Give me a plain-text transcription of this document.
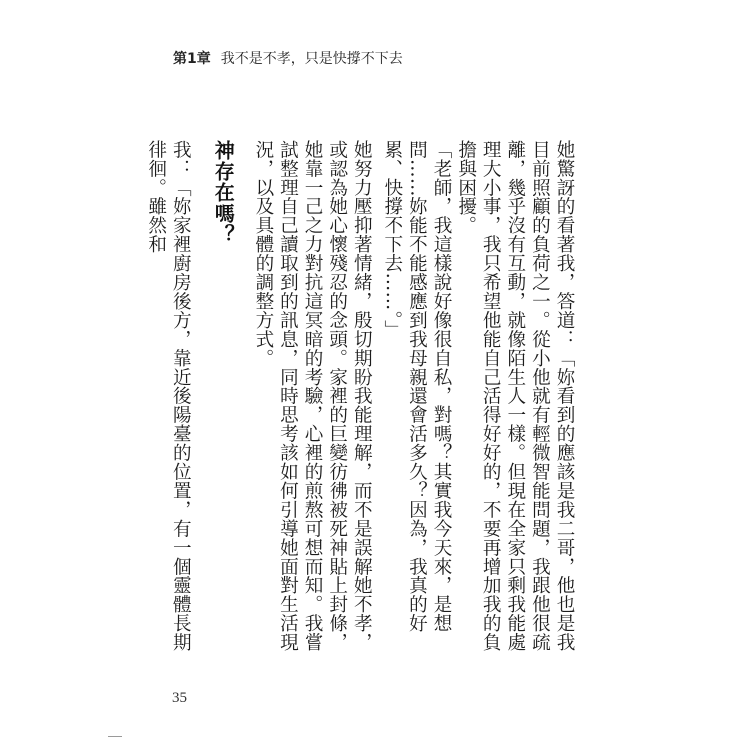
第1章 我不是不孝，只是快撐不下去

她驚訝的看著我，答道：「妳看到的應該是我二哥，他也是我目前照顧的負荷之一。從小他就有輕微智能問題，我跟他很疏離，幾乎沒有互動，就像陌生人一樣。但現在全家只剩我能處理大小事，我只希望他能自己活得好好的，不要再增加我的負擔與困擾。

「老師，我這樣說好像很自私，對嗎？其實我今天來，是想問……妳能不能感應到我母親還會活多久？因為，我真的好累、快撐不下去……。」

她努力壓抑著情緒，殷切期盼我能理解，而不是誤解她不孝，或認為她心懷殘忍的念頭。家裡的巨變彷彿被死神貼上封條，她靠一己之力對抗這冥暗的考驗，心裡的煎熬可想而知。我嘗試整理自己讀取到的訊息，同時思考該如何引導她面對生活現況，以及具體的調整方式。

神存在嗎？

我：「妳家裡廚房後方，靠近後陽臺的位置，有一個靈體長期徘徊。雖然和

35
